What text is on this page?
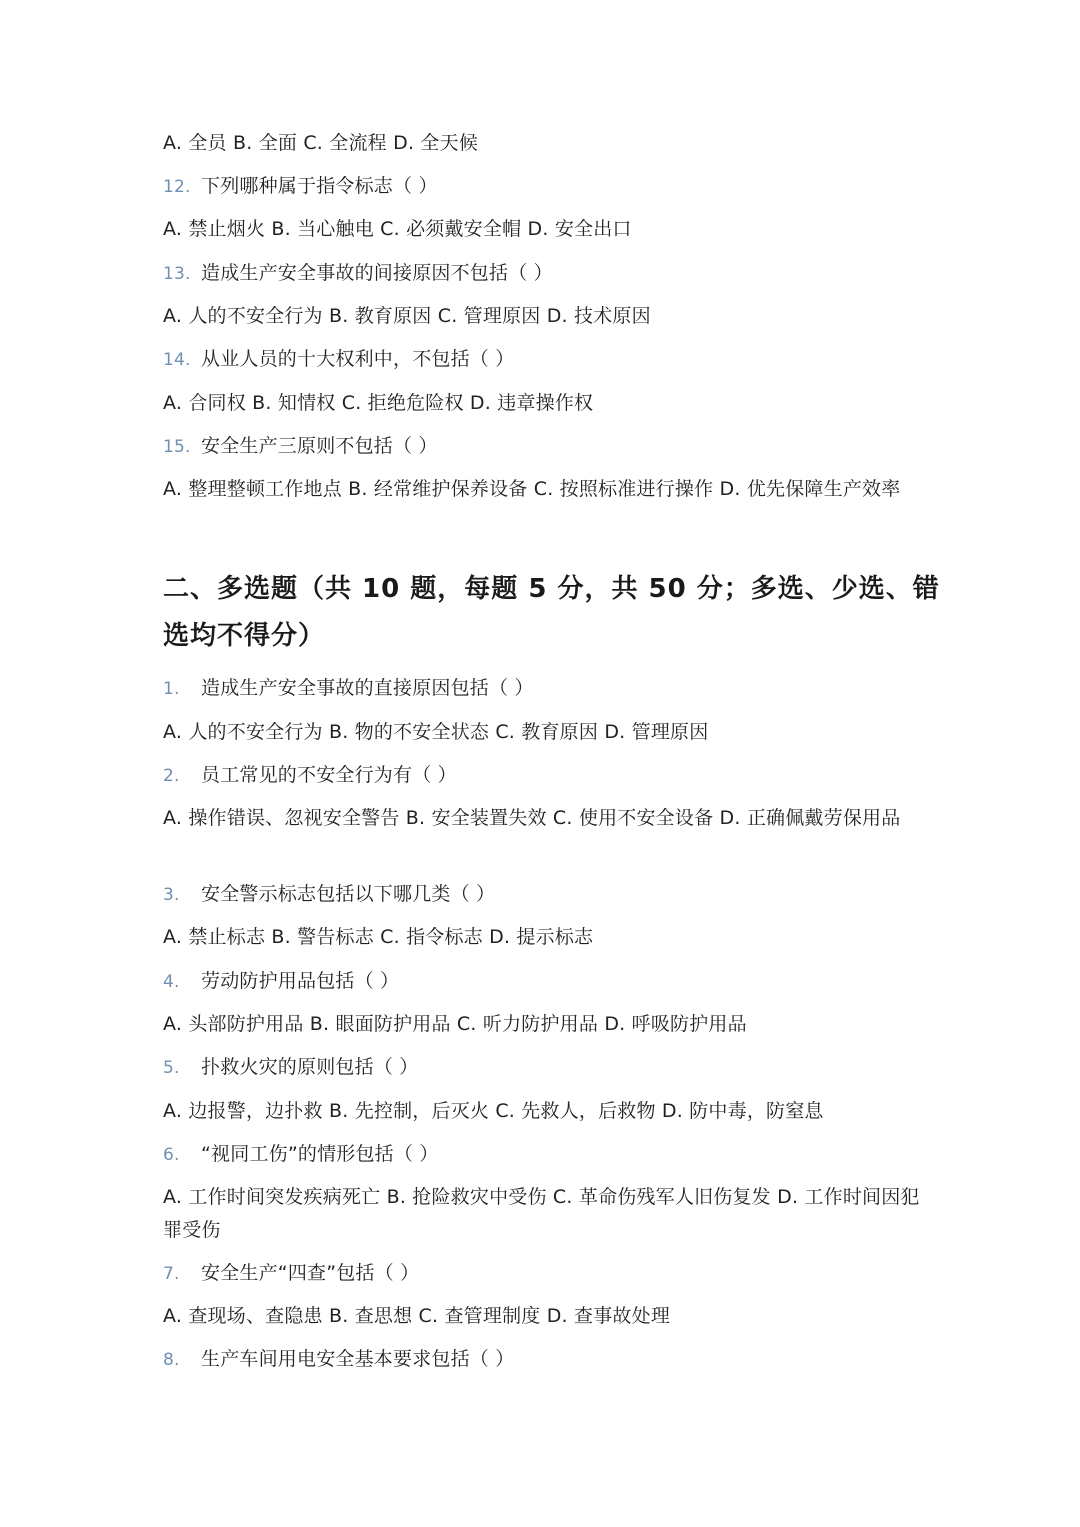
A. 全员 B. 全面 C. 全流程 D. 全天候
12. 下列哪种属于指令标志（ ）
A. 禁止烟火 B. 当心触电 C. 必须戴安全帽 D. 安全出口
13. 造成生产安全事故的间接原因不包括（ ）
A. 人的不安全行为 B. 教育原因 C. 管理原因 D. 技术原因
14. 从业人员的十大权利中，不包括（ ）
A. 合同权 B. 知情权 C. 拒绝危险权 D. 违章操作权
15. 安全生产三原则不包括（ ）
A. 整理整顿工作地点 B. 经常维护保养设备 C. 按照标准进行操作 D. 优先保障生产效率
二、多选题（共 10 题，每题 5 分，共 50 分；多选、少选、错选均不得分）
1. 造成生产安全事故的直接原因包括（ ）
A. 人的不安全行为 B. 物的不安全状态 C. 教育原因 D. 管理原因
2. 员工常见的不安全行为有（ ）
A. 操作错误、忽视安全警告 B. 安全装置失效 C. 使用不安全设备 D. 正确佩戴劳保用品
3. 安全警示标志包括以下哪几类（ ）
A. 禁止标志 B. 警告标志 C. 指令标志 D. 提示标志
4. 劳动防护用品包括（ ）
A. 头部防护用品 B. 眼面防护用品 C. 听力防护用品 D. 呼吸防护用品
5. 扑救火灾的原则包括（ ）
A. 边报警，边扑救 B. 先控制，后灭火 C. 先救人，后救物 D. 防中毒，防窒息
6. “视同工伤”的情形包括（ ）
A. 工作时间突发疾病死亡 B. 抢险救灾中受伤 C. 革命伤残军人旧伤复发 D. 工作时间因犯罪受伤
7. 安全生产“四查”包括（ ）
A. 查现场、查隐患 B. 查思想 C. 查管理制度 D. 查事故处理
8. 生产车间用电安全基本要求包括（ ）
